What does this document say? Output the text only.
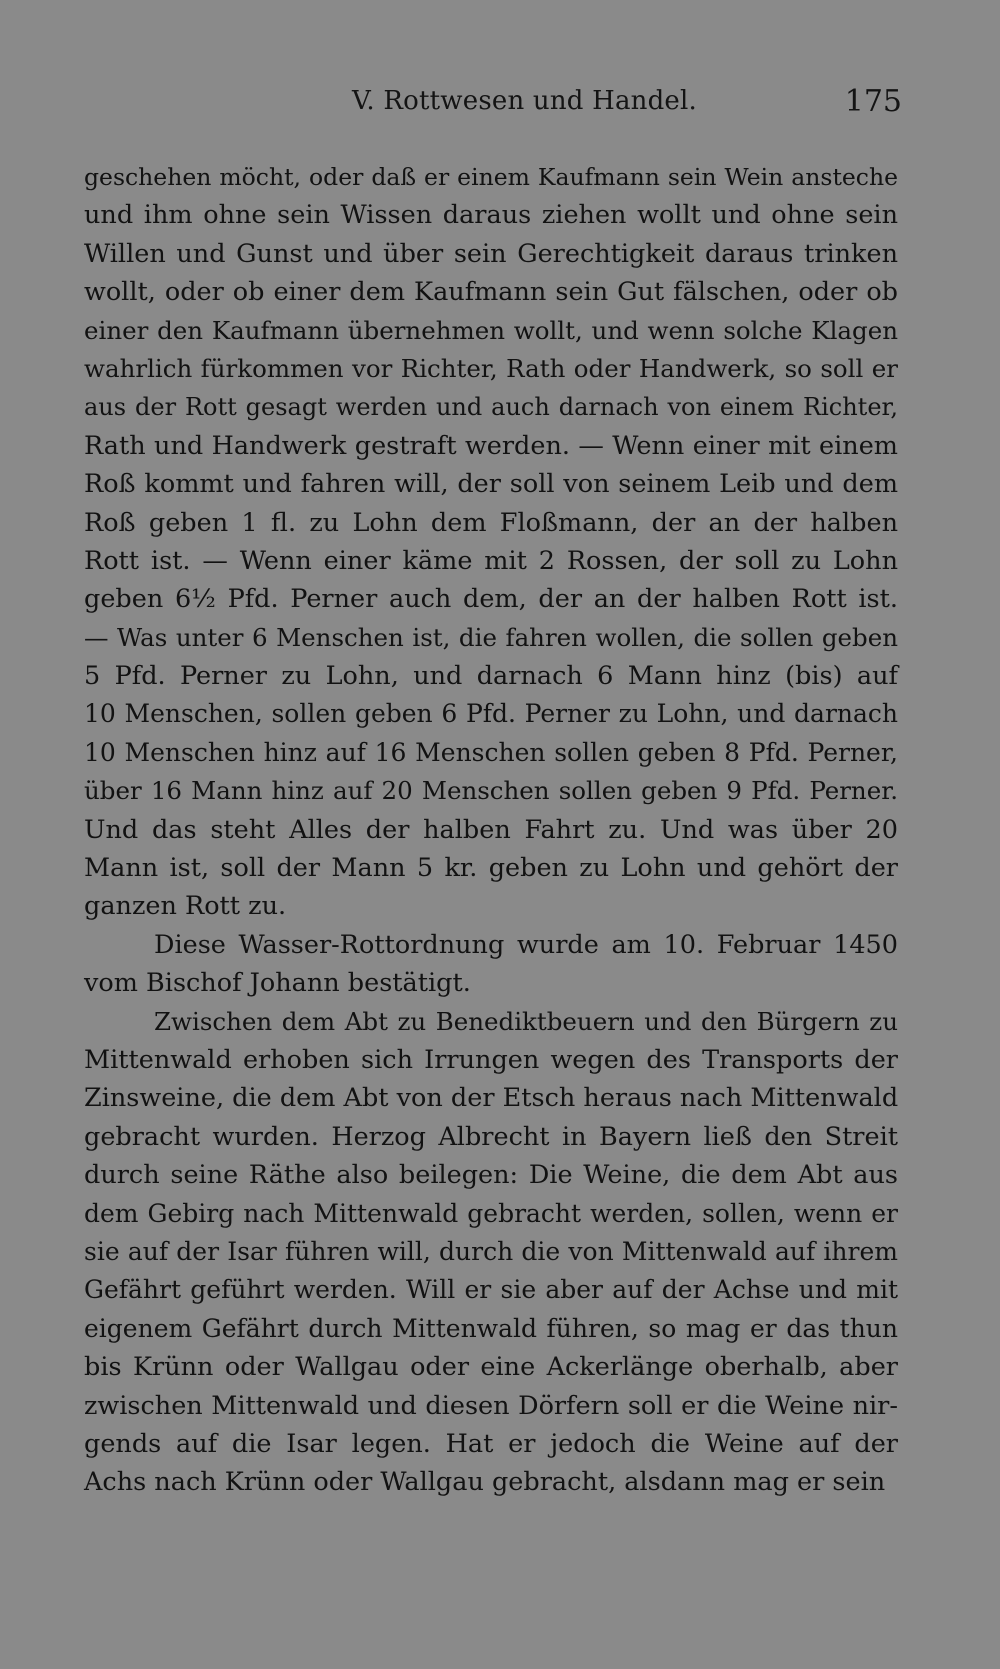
V. Rottwesen und Handel.	175
geschehen möcht, oder daß er einem Kaufmann sein Wein ansteche
und ihm ohne sein Wissen daraus ziehen wollt und ohne sein
Willen und Gunst und über sein Gerechtigkeit daraus trinken
wollt, oder ob einer dem Kaufmann sein Gut fälschen, oder ob
einer den Kaufmann übernehmen wollt, und wenn solche Klagen
wahrlich fürkommen vor Richter, Rath oder Handwerk, so soll er
aus der Rott gesagt werden und auch darnach von einem Richter,
Rath und Handwerk gestraft werden. — Wenn einer mit einem
Roß kommt und fahren will, der soll von seinem Leib und dem
Roß geben 1 fl. zu Lohn dem Floßmann, der an der halben
Rott ist. — Wenn einer käme mit 2 Rossen, der soll zu Lohn
geben 6½ Pfd. Perner auch dem, der an der halben Rott ist.
— Was unter 6 Menschen ist, die fahren wollen, die sollen geben
5 Pfd. Perner zu Lohn, und darnach 6 Mann hinz (bis) auf
10 Menschen, sollen geben 6 Pfd. Perner zu Lohn, und darnach
10 Menschen hinz auf 16 Menschen sollen geben 8 Pfd. Perner,
über 16 Mann hinz auf 20 Menschen sollen geben 9 Pfd. Perner.
Und das steht Alles der halben Fahrt zu. Und was über 20
Mann ist, soll der Mann 5 kr. geben zu Lohn und gehört der
ganzen Rott zu.
Diese Wasser-Rottordnung wurde am 10. Februar 1450
vom Bischof Johann bestätigt.
Zwischen dem Abt zu Benediktbeuern und den Bürgern zu
Mittenwald erhoben sich Irrungen wegen des Transports der
Zinsweine, die dem Abt von der Etsch heraus nach Mittenwald
gebracht wurden. Herzog Albrecht in Bayern ließ den Streit
durch seine Räthe also beilegen: Die Weine, die dem Abt aus
dem Gebirg nach Mittenwald gebracht werden, sollen, wenn er
sie auf der Isar führen will, durch die von Mittenwald auf ihrem
Gefährt geführt werden. Will er sie aber auf der Achse und mit
eigenem Gefährt durch Mittenwald führen, so mag er das thun
bis Krünn oder Wallgau oder eine Ackerlänge oberhalb, aber
zwischen Mittenwald und diesen Dörfern soll er die Weine nir-
gends auf die Isar legen. Hat er jedoch die Weine auf der
Achs nach Krünn oder Wallgau gebracht, alsdann mag er sein
